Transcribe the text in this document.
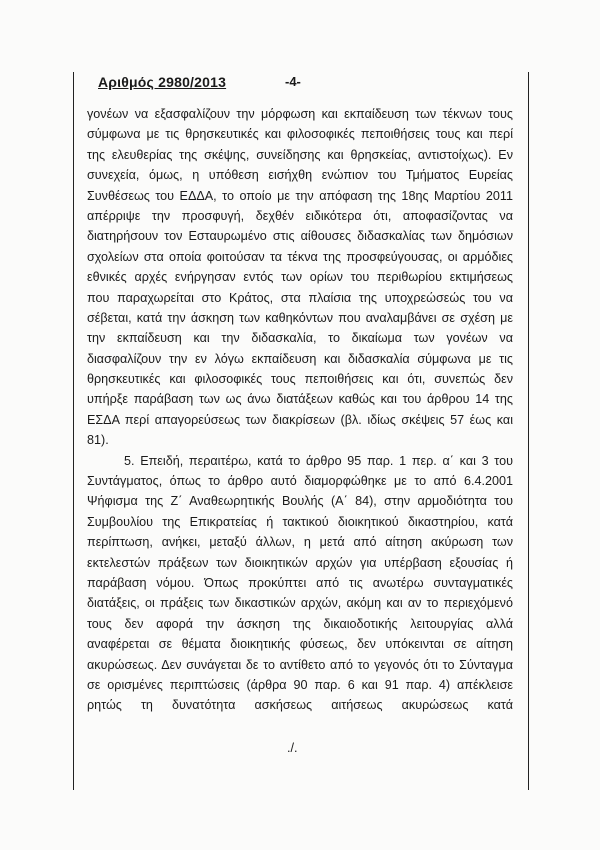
Αριθμός 2980/2013	-4-
γονέων να εξασφαλίζουν την μόρφωση και εκπαίδευση των τέκνων τους
σύμφωνα με τις θρησκευτικές και φιλοσοφικές πεποιθήσεις τους και περί
της ελευθερίας της σκέψης, συνείδησης και θρησκείας, αντιστοίχως). Εν
συνεχεία, όμως, η υπόθεση εισήχθη ενώπιον του Τμήματος Ευρείας
Συνθέσεως του ΕΔΔΑ, το οποίο με την απόφαση της 18ης Μαρτίου 2011
απέρριψε την προσφυγή, δεχθέν ειδικότερα ότι, αποφασίζοντας να
διατηρήσουν τον Εσταυρωμένο στις αίθουσες διδασκαλίας των δημόσιων
σχολείων στα οποία φοιτούσαν τα τέκνα της προσφεύγουσας, οι αρμόδιες
εθνικές αρχές ενήργησαν εντός των ορίων του περιθωρίου εκτιμήσεως
που παραχωρείται στο Κράτος, στα πλαίσια της υποχρεώσεώς του να
σέβεται, κατά την άσκηση των καθηκόντων που αναλαμβάνει σε σχέση με
την εκπαίδευση και την διδασκαλία, το δικαίωμα των γονέων να
διασφαλίζουν την εν λόγω εκπαίδευση και διδασκαλία σύμφωνα με τις
θρησκευτικές και φιλοσοφικές τους πεποιθήσεις και ότι, συνεπώς δεν
υπήρξε παράβαση των ως άνω διατάξεων καθώς και του άρθρου 14 της
ΕΣΔΑ περί απαγορεύσεως των διακρίσεων (βλ. ιδίως σκέψεις 57 έως και
81).
5. Επειδή, περαιτέρω, κατά το άρθρο 95 παρ. 1 περ. α΄ και 3 του
Συντάγματος, όπως το άρθρο αυτό διαμορφώθηκε με το από 6.4.2001
Ψήφισμα της Ζ΄ Αναθεωρητικής Βουλής (Α΄ 84), στην αρμοδιότητα του
Συμβουλίου της Επικρατείας ή τακτικού διοικητικού δικαστηρίου, κατά
περίπτωση, ανήκει, μεταξύ άλλων, η μετά από αίτηση ακύρωση των
εκτελεστών πράξεων των διοικητικών αρχών για υπέρβαση εξουσίας ή
παράβαση νόμου. Όπως προκύπτει από τις ανωτέρω συνταγματικές
διατάξεις, οι πράξεις των δικαστικών αρχών, ακόμη και αν το περιεχόμενό
τους δεν αφορά την άσκηση της δικαιοδοτικής λειτουργίας αλλά
αναφέρεται σε θέματα διοικητικής φύσεως, δεν υπόκεινται σε αίτηση
ακυρώσεως. Δεν συνάγεται δε το αντίθετο από το γεγονός ότι το Σύνταγμα
σε ορισμένες περιπτώσεις (άρθρα 90 παρ. 6 και 91 παρ. 4) απέκλεισε
ρητώς τη δυνατότητα ασκήσεως αιτήσεως ακυρώσεως κατά
./.
